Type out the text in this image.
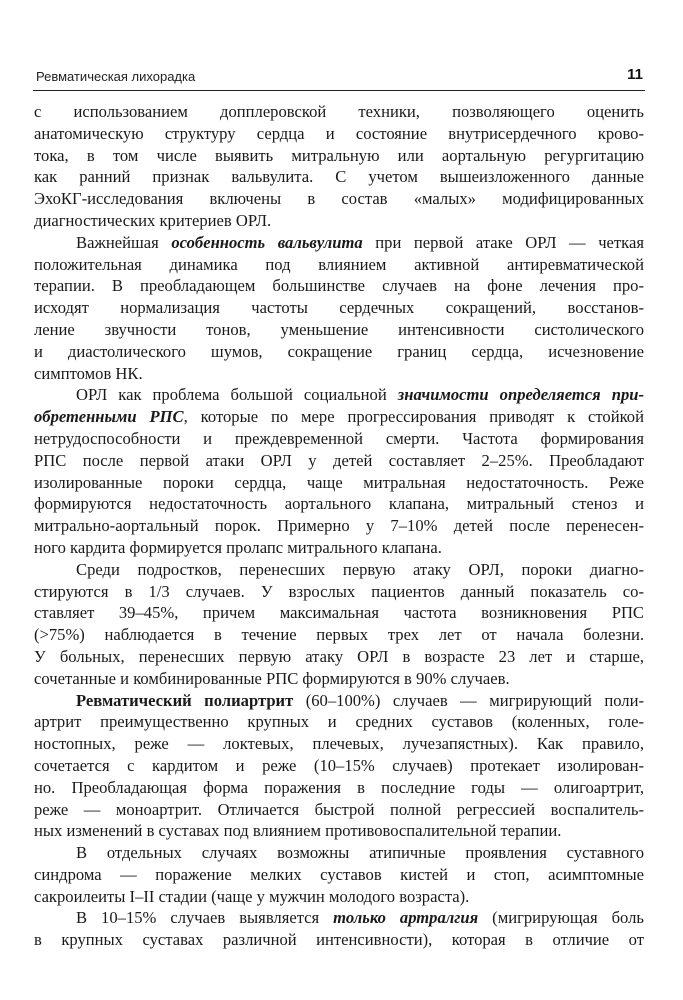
Ревматическая лихорадка	11
с использованием допплеровской техники, позволяющего оценить
анатомическую структуру сердца и состояние внутрисердечного крово-
тока, в том числе выявить митральную или аортальную регургитацию
как ранний признак вальвулита. С учетом вышеизложенного данные
ЭхоКГ-исследования включены в состав «малых» модифицированных
диагностических критериев ОРЛ.
Важнейшая особенность вальвулита при первой атаке ОРЛ — четкая
положительная динамика под влиянием активной антиревматической
терапии. В преобладающем большинстве случаев на фоне лечения про-
исходят нормализация частоты сердечных сокращений, восстанов-
ление звучности тонов, уменьшение интенсивности систолического
и диастолического шумов, сокращение границ сердца, исчезновение
симптомов НК.
ОРЛ как проблема большой социальной значимости определяется при-
обретенными РПС, которые по мере прогрессирования приводят к стойкой
нетрудоспособности и преждевременной смерти. Частота формирования
РПС после первой атаки ОРЛ у детей составляет 2–25%. Преобладают
изолированные пороки сердца, чаще митральная недостаточность. Реже
формируются недостаточность аортального клапана, митральный стеноз и
митрально-аортальный порок. Примерно у 7–10% детей после перенесен-
ного кардита формируется пролапс митрального клапана.
Среди подростков, перенесших первую атаку ОРЛ, пороки диагно-
стируются в 1/3 случаев. У взрослых пациентов данный показатель со-
ставляет 39–45%, причем максимальная частота возникновения РПС
(>75%) наблюдается в течение первых трех лет от начала болезни.
У больных, перенесших первую атаку ОРЛ в возрасте 23 лет и старше,
сочетанные и комбинированные РПС формируются в 90% случаев.
Ревматический полиартрит (60–100%) случаев — мигрирующий поли-
артрит преимущественно крупных и средних суставов (коленных, голе-
ностопных, реже — локтевых, плечевых, лучезапястных). Как правило,
сочетается с кардитом и реже (10–15% случаев) протекает изолирован-
но. Преобладающая форма поражения в последние годы — олигоартрит,
реже — моноартрит. Отличается быстрой полной регрессией воспалитель-
ных изменений в суставах под влиянием противовоспалительной терапии.
В отдельных случаях возможны атипичные проявления суставного
синдрома — поражение мелких суставов кистей и стоп, асимптомные
сакроилеиты I–II стадии (чаще у мужчин молодого возраста).
В 10–15% случаев выявляется только артралгия (мигрирующая боль
в крупных суставах различной интенсивности), которая в отличие от
